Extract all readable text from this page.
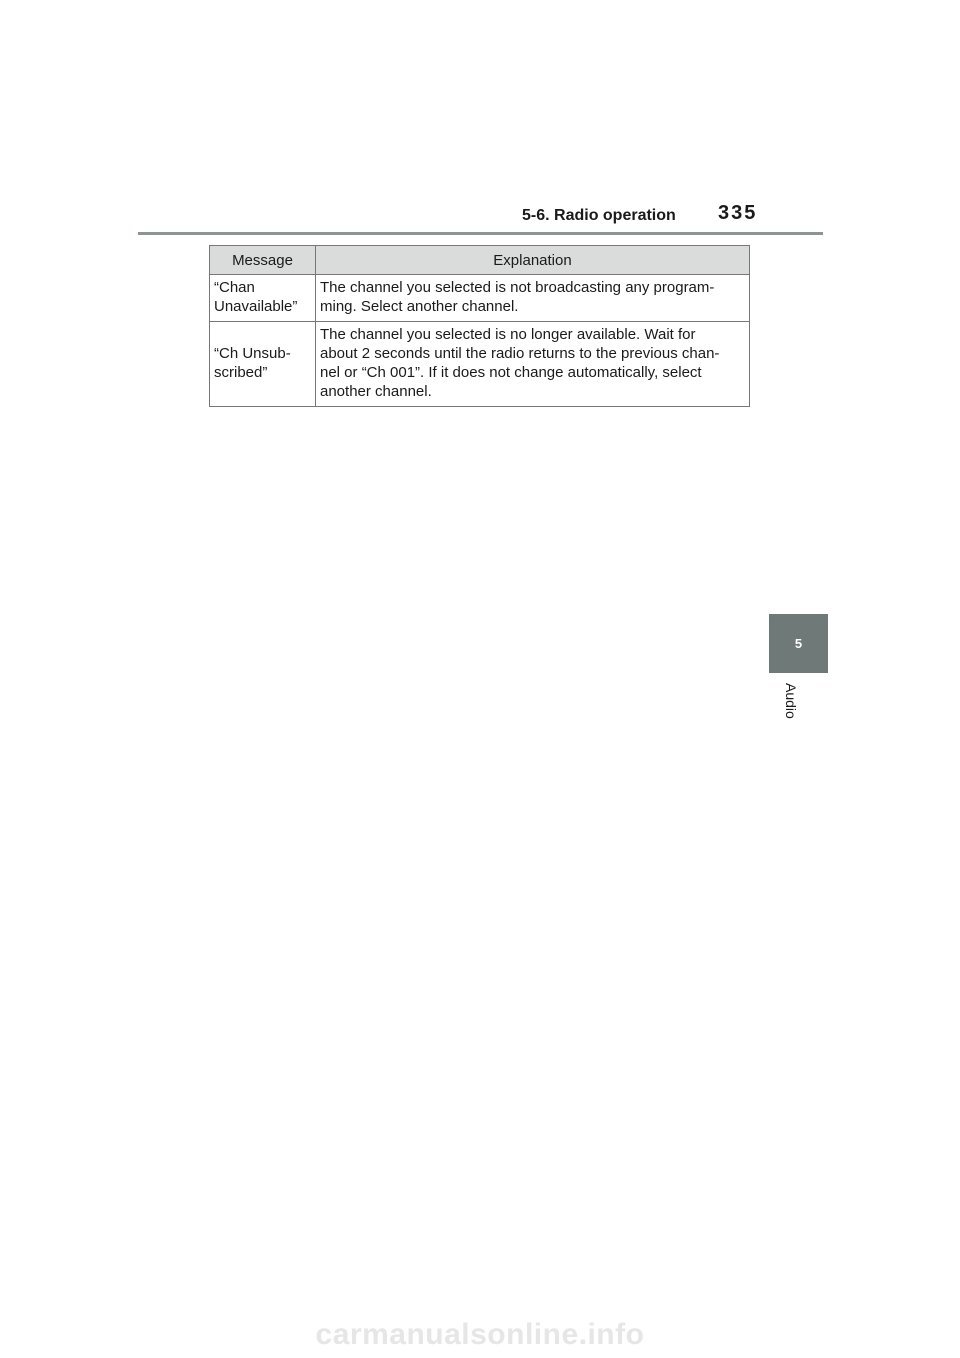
5-6. Radio operation 335
Message	Explanation
“Chan
Unavailable”	The channel you selected is not broadcasting any program-
ming. Select another channel.
“Ch Unsub-
scribed”	The channel you selected is no longer available. Wait for
about 2 seconds until the radio returns to the previous chan-
nel or “Ch 001”. If it does not change automatically, select
another channel.
5
Audio
carmanualsonline.info
